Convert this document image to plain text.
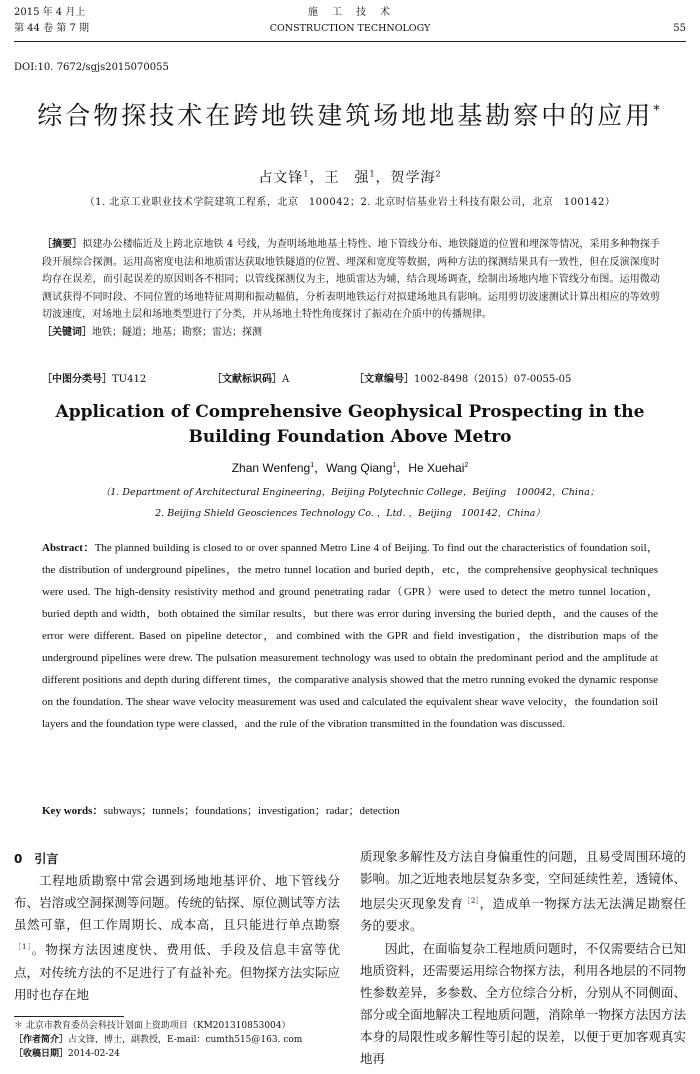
2015 年 4 月上
第 44 卷 第 7 期
施　工　技　术
CONSTRUCTION TECHNOLOGY	55
DOI:10. 7672/sgjs2015070055
综合物探技术在跨地铁建筑场地地基勘察中的应用*
占文锋$^1$，王　强$^1$，贺学海$^2$
（1. 北京工业职业技术学院建筑工程系，北京　100042；2. 北京时信基业岩土科技有限公司，北京　100142）
［摘要］拟建办公楼临近及上跨北京地铁 4 号线，为查明场地地基土特性、地下管线分布、地铁隧道的位置和埋深等情况，采用多种物探手段开展综合探测。运用高密度电法和地质雷达获取地铁隧道的位置、埋深和宽度等数据，两种方法的探测结果具有一致性，但在反演深度时均存在误差，而引起误差的原因则各不相同；以管线探测仪为主，地质雷达为辅，结合现场调查，绘制出场地内地下管线分布图。运用微动测试获得不同时段、不同位置的场地特征周期和振动幅值，分析表明地铁运行对拟建场地具有影响。运用剪切波速测试计算出相应的等效剪切波速度，对场地土层和场地类型进行了分类，并从场地土特性角度探讨了振动在介质中的传播规律。
［关键词］地铁；隧道；地基；勘察；雷达；探测
［中图分类号］TU412	［文献标识码］A	［文章编号］1002-8498（2015）07-0055-05
Application of Comprehensive Geophysical Prospecting in the Building Foundation Above Metro
Zhan Wenfeng$^1$，Wang Qiang$^1$，He Xuehai$^2$
（1. Department of Architectural Engineering，Beijing Polytechnic College，Beijing　100042，China；
2. Beijing Shield Geosciences Technology Co. ，Ltd. ，Beijing　100142，China）
Abstract：The planned building is closed to or over spanned Metro Line 4 of Beijing. To find out the characteristics of foundation soil，the distribution of underground pipelines，the metro tunnel location and buried depth，etc，the comprehensive geophysical techniques were used. The high-density resistivity method and ground penetrating radar（GPR）were used to detect the metro tunnel location，buried depth and width，both obtained the similar results，but there was error during inversing the buried depth，and the causes of the error were different. Based on pipeline detector，and combined with the GPR and field investigation，the distribution maps of the underground pipelines were drew. The pulsation measurement technology was used to obtain the predominant period and the amplitude at different positions and depth during different times，the comparative analysis showed that the metro running evoked the dynamic response on the foundation. The shear wave velocity measurement was used and calculated the equivalent shear wave velocity，the foundation soil layers and the foundation type were classed，and the rule of the vibration transmitted in the foundation was discussed.
Key words：subways；tunnels；foundations；investigation；radar；detection
0　引言

工程地质勘察中常会遇到场地地基评价、地下管线分布、岩溶或空洞探测等问题。传统的钻探、原位测试等方法虽然可靠，但工作周期长、成本高，且只能进行单点勘察$^{[1]}$。物探方法因速度快、费用低、手段及信息丰富等优点，对传统方法的不足进行了有益补充。但物探方法实际应用时也存在地

质现象多解性及方法自身偏重性的问题，且易受周围环境的影响。加之近地表地层复杂多变，空间延续性差，透镜体、地层尖灭现象发育$^{[2]}$，造成单一物探方法无法满足勘察任务的要求。

因此，在面临复杂工程地质问题时，不仅需要结合已知地质资料，还需要运用综合物探方法，利用各地层的不同物性参数差异，多参数、全方位综合分析，分别从不同侧面、部分或全面地解决工程地质问题，消除单一物探方法因方法本身的局限性或多解性等引起的误差，以便于更加客观真实地再

＊ 北京市教育委员会科技计划面上资助项目（KM201310853004）
［作者简介］占文锋，博士，副教授，E-mail：cumth515@163. com
［收稿日期］2014-02-24
